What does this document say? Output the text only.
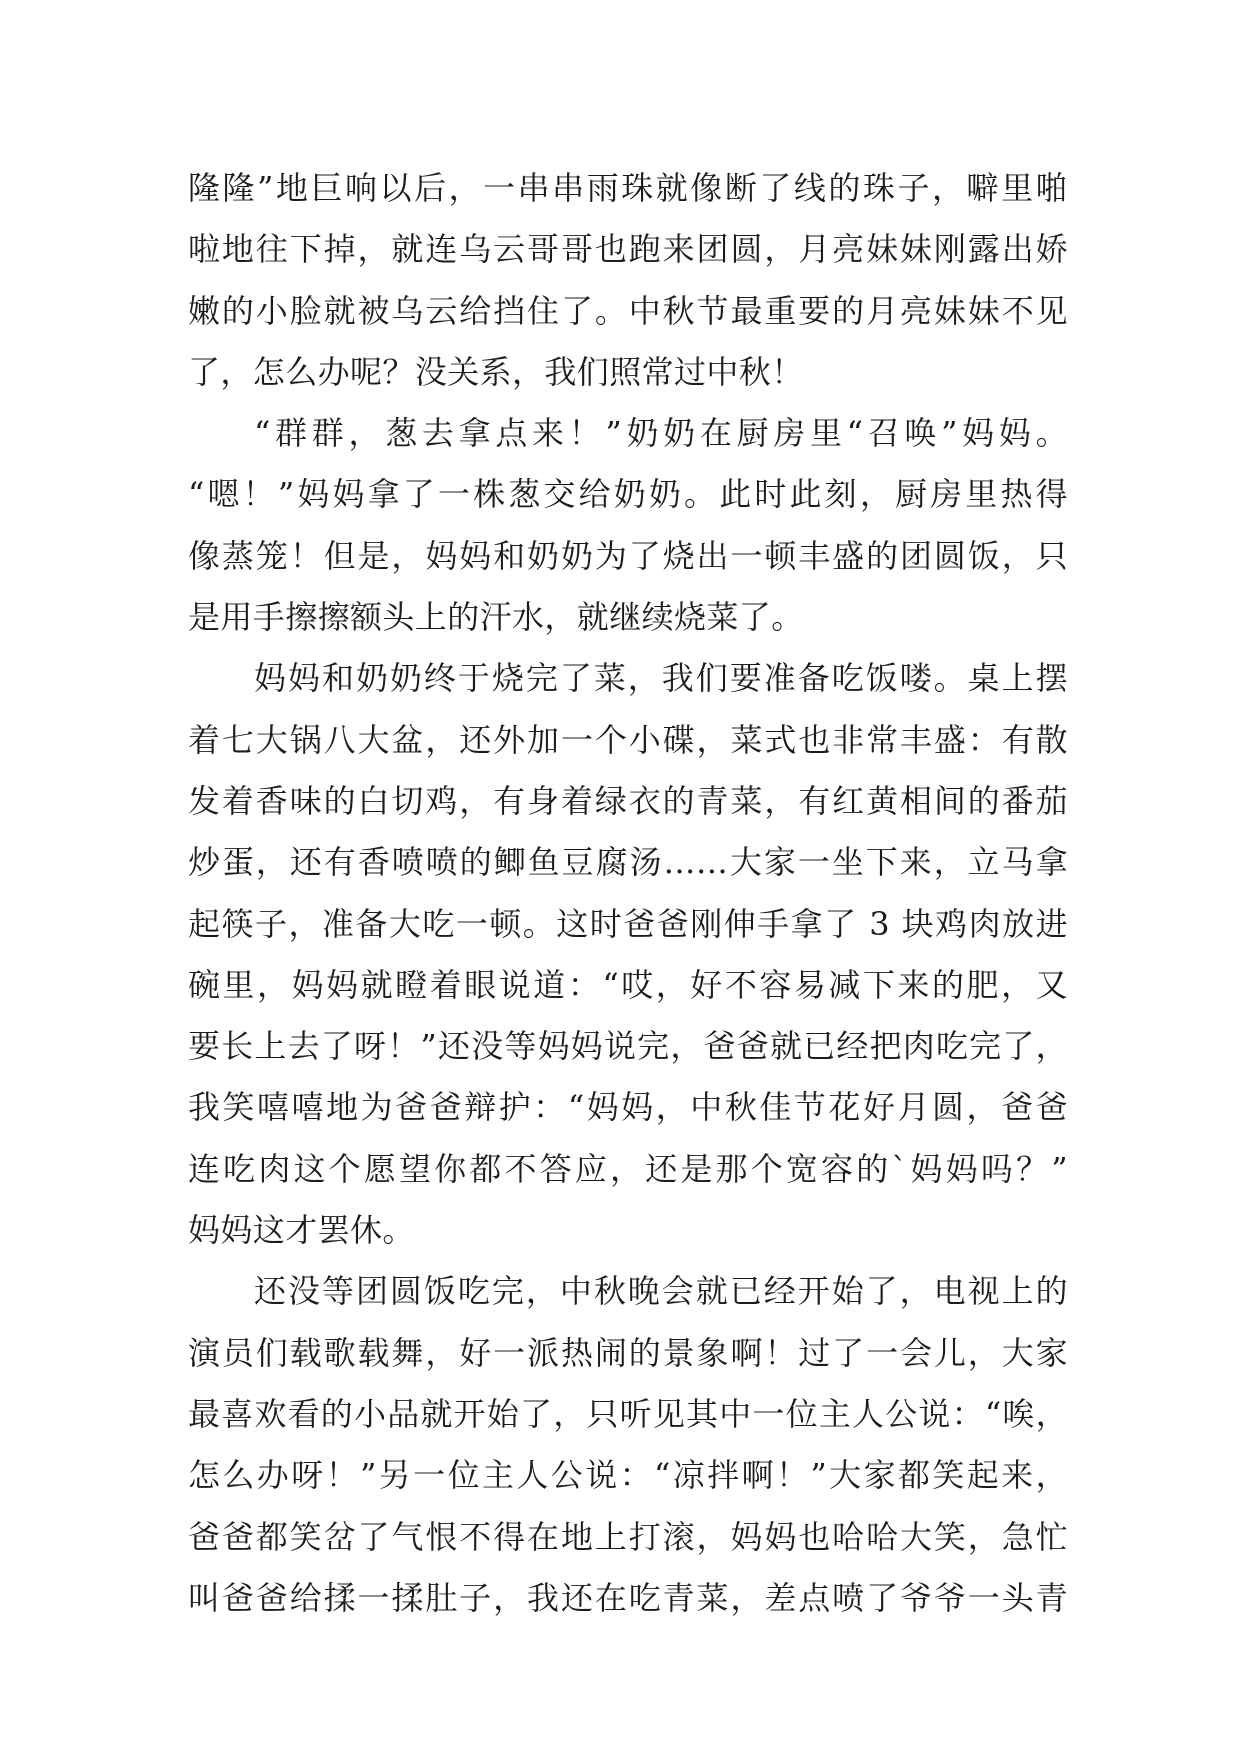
隆隆”地巨响以后，一串串雨珠就像断了线的珠子，噼里啪
啦地往下掉，就连乌云哥哥也跑来团圆，月亮妹妹刚露出娇
嫩的小脸就被乌云给挡住了。中秋节最重要的月亮妹妹不见
了，怎么办呢？没关系，我们照常过中秋！
“群群，葱去拿点来！”奶奶在厨房里“召唤”妈妈。
“嗯！”妈妈拿了一株葱交给奶奶。此时此刻，厨房里热得
像蒸笼！但是，妈妈和奶奶为了烧出一顿丰盛的团圆饭，只
是用手擦擦额头上的汗水，就继续烧菜了。
妈妈和奶奶终于烧完了菜，我们要准备吃饭喽。桌上摆
着七大锅八大盆，还外加一个小碟，菜式也非常丰盛：有散
发着香味的白切鸡，有身着绿衣的青菜，有红黄相间的番茄
炒蛋，还有香喷喷的鲫鱼豆腐汤……大家一坐下来，立马拿
起筷子，准备大吃一顿。这时爸爸刚伸手拿了 3 块鸡肉放进
碗里，妈妈就瞪着眼说道：“哎，好不容易减下来的肥，又
要长上去了呀！”还没等妈妈说完，爸爸就已经把肉吃完了，
我笑嘻嘻地为爸爸辩护：“妈妈，中秋佳节花好月圆，爸爸
连吃肉这个愿望你都不答应，还是那个宽容的`妈妈吗？”
妈妈这才罢休。
还没等团圆饭吃完，中秋晚会就已经开始了，电视上的
演员们载歌载舞，好一派热闹的景象啊！过了一会儿，大家
最喜欢看的小品就开始了，只听见其中一位主人公说：“唉，
怎么办呀！”另一位主人公说：“凉拌啊！”大家都笑起来，
爸爸都笑岔了气恨不得在地上打滚，妈妈也哈哈大笑，急忙
叫爸爸给揉一揉肚子，我还在吃青菜，差点喷了爷爷一头青
